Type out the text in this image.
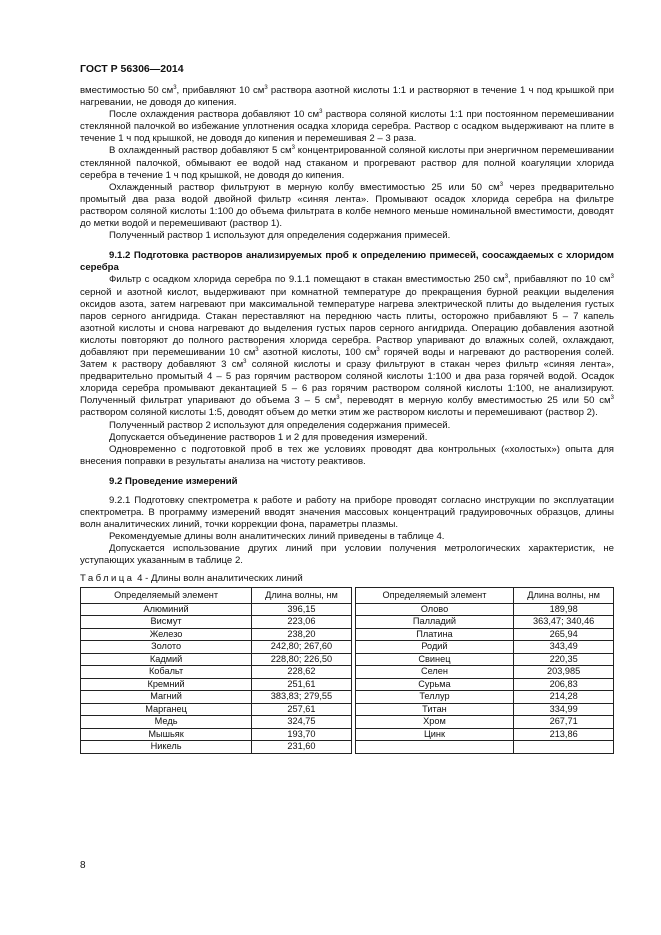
ГОСТ Р 56306—2014

вместимостью 50 $см^3$, прибавляют 10 $см^3$ раствора азотной кислоты 1:1 и растворяют в течение 1 ч под крышкой при нагревании, не доводя до кипения.

После охлаждения раствора добавляют 10 $см^3$ раствора соляной кислоты 1:1 при постоянном перемешивании стеклянной палочкой во избежание уплотнения осадка хлорида серебра. Раствор с осадком выдерживают на плите в течение 1 ч под крышкой, не доводя до кипения и перемешивая 2 – 3 раза.

В охлажденный раствор добавляют 5 $см^3$ концентрированной соляной кислоты при энергичном перемешивании стеклянной палочкой, обмывают ее водой над стаканом и прогревают раствор для полной коагуляции хлорида серебра в течение 1 ч под крышкой, не доводя до кипения.

Охлажденный раствор фильтруют в мерную колбу вместимостью 25 или 50 $см^3$ через предварительно промытый два раза водой двойной фильтр «синяя лента». Промывают осадок хлорида серебра на фильтре раствором соляной кислоты 1:100 до объема фильтрата в колбе немного меньше номинальной вместимости, доводят до метки водой и перемешивают (раствор 1).

Полученный раствор 1 используют для определения содержания примесей.

9.1.2 Подготовка растворов анализируемых проб к определению примесей, соосаждаемых с хлоридом серебра

Фильтр с осадком хлорида серебра по 9.1.1 помещают в стакан вместимостью 250 $см^3$, прибавляют по 10 $см^3$ серной и азотной кислот, выдерживают при комнатной температуре до прекращения бурной реакции выделения оксидов азота, затем нагревают при максимальной температуре нагрева электрической плиты до выделения густых паров серного ангидрида. Стакан переставляют на переднюю часть плиты, осторожно прибавляют 5 – 7 капель азотной кислоты и снова нагревают до выделения густых паров серного ангидрида. Операцию добавления азотной кислоты повторяют до полного растворения хлорида серебра. Раствор упаривают до влажных солей, охлаждают, добавляют при перемешивании 10 $см^3$ азотной кислоты, 100 $см^3$ горячей воды и нагревают до растворения солей. Затем к раствору добавляют 3 $см^3$ соляной кислоты и сразу фильтруют в стакан через фильтр «синяя лента», предварительно промытый 4 – 5 раз горячим раствором соляной кислоты 1:100 и два раза горячей водой. Осадок хлорида серебра промывают декантацией 5 – 6 раз горячим раствором соляной кислоты 1:100, не анализируют. Полученный фильтрат упаривают до объема 3 – 5 $см^3$, переводят в мерную колбу вместимостью 25 или 50 $см^3$ раствором соляной кислоты 1:5, доводят объем до метки этим же раствором кислоты и перемешивают (раствор 2).

Полученный раствор 2 используют для определения содержания примесей.

Допускается объединение растворов 1 и 2 для проведения измерений.

Одновременно с подготовкой проб в тех же условиях проводят два контрольных («холостых») опыта для внесения поправки в результаты анализа на чистоту реактивов.

9.2 Проведение измерений

9.2.1 Подготовку спектрометра к работе и работу на приборе проводят согласно инструкции по эксплуатации спектрометра. В программу измерений вводят значения массовых концентраций градуировочных образцов, длины волн аналитических линий, точки коррекции фона, параметры плазмы.

Рекомендуемые длины волн аналитических линий приведены в таблице 4.

Допускается использование других линий при условии получения метрологических характеристик, не уступающих указанным в таблице 2.

Таблица 4 - Длины волн аналитических линий
Определяемый элемент	Длина волны, нм		Определяемый элемент	Длина волны, нм
Алюминий	396,15		Олово	189,98
Висмут	223,06		Палладий	363,47; 340,46
Железо	238,20		Платина	265,94
Золото	242,80; 267,60		Родий	343,49
Кадмий	228,80; 226,50		Свинец	220,35
Кобальт	228,62		Селен	203,985
Кремний	251,61		Сурьма	206,83
Магний	383,83; 279,55		Теллур	214,28
Марганец	257,61		Титан	334,99
Медь	324,75		Хром	267,71
Мышьяк	193,70		Цинк	213,86
Никель	231,60			
8
